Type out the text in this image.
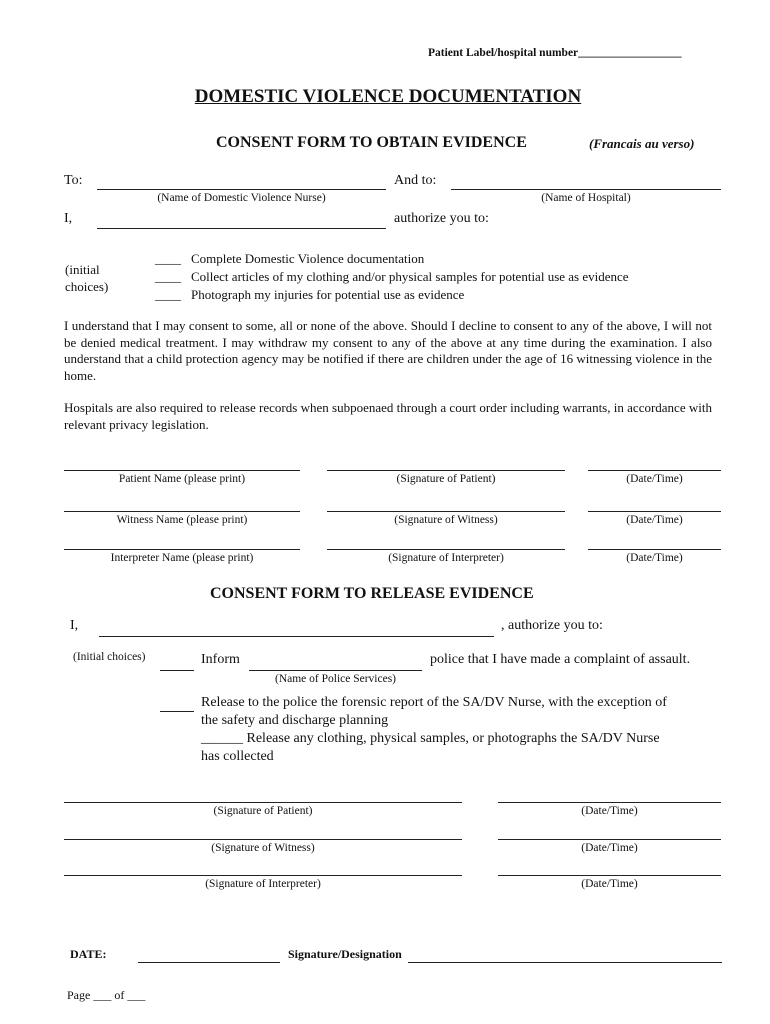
Patient Label/hospital number__________________
DOMESTIC VIOLENCE DOCUMENTATION
CONSENT FORM TO OBTAIN EVIDENCE	(Francais au verso)
To:	And to:
(Name of Domestic Violence Nurse)	(Name of Hospital)
I,	authorize you to:
(initial
choices)
____ Complete Domestic Violence documentation
____ Collect articles of my clothing and/or physical samples for potential use as evidence
____ Photograph my injuries for potential use as evidence
I understand that I may consent to some, all or none of the above. Should I decline to consent to any of the above, I will not be denied medical treatment. I may withdraw my consent to any of the above at any time during the examination. I also understand that a child protection agency may be notified if there are children under the age of 16 witnessing violence in the home.
Hospitals are also required to release records when subpoenaed through a court order including warrants, in accordance with relevant privacy legislation.
Patient Name (please print)	(Signature of Patient)	(Date/Time)
Witness Name (please print)	(Signature of Witness)	(Date/Time)
Interpreter Name (please print)	(Signature of Interpreter)	(Date/Time)
CONSENT FORM TO RELEASE EVIDENCE
I,	, authorize you to:
(Initial choices)	Inform	police that I have made a complaint of assault.
(Name of Police Services)
Release to the police the forensic report of the SA/DV Nurse, with the exception of
the safety and discharge planning
______ Release any clothing, physical samples, or photographs the SA/DV Nurse
has collected
(Signature of Patient)	(Date/Time)
(Signature of Witness)	(Date/Time)
(Signature of Interpreter)	(Date/Time)
DATE:	Signature/Designation
Page ___ of ___
